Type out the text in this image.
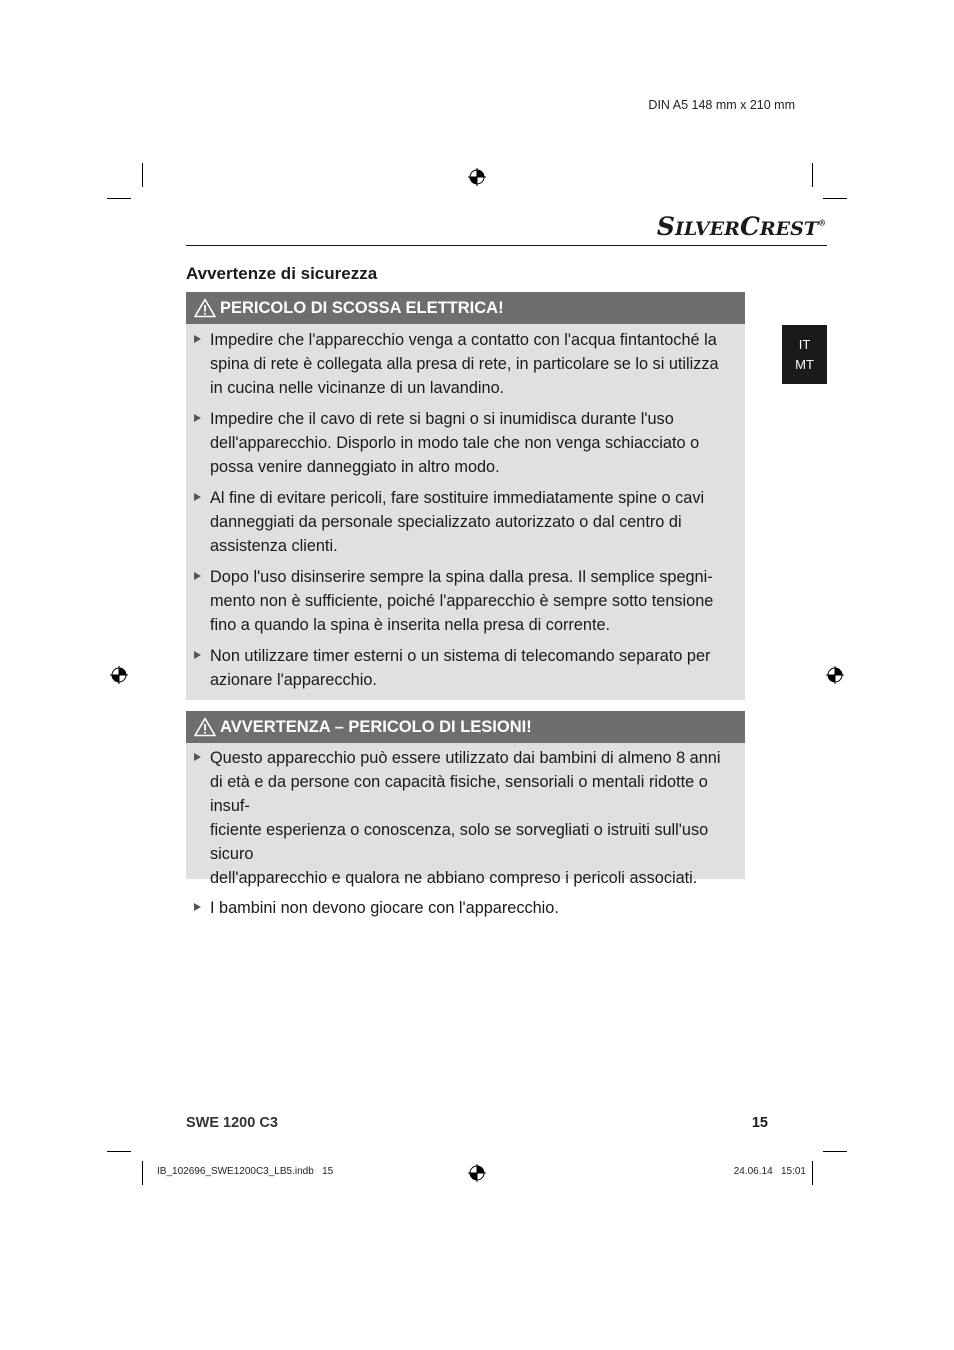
DIN A5 148 mm x 210 mm
SILVERCREST®
Avvertenze di sicurezza
IT
MT
PERICOLO DI SCOSSA ELETTRICA!
Impedire che l'apparecchio venga a contatto con l'acqua fintantoché la
spina di rete è collegata alla presa di rete, in particolare se lo si utilizza
in cucina nelle vicinanze di un lavandino.
Impedire che il cavo di rete si bagni o si inumidisca durante l'uso
dell'apparecchio. Disporlo in modo tale che non venga schiacciato o
possa venire danneggiato in altro modo.
Al fine di evitare pericoli, fare sostituire immediatamente spine o cavi
danneggiati da personale specializzato autorizzato o dal centro di
assistenza clienti.
Dopo l'uso disinserire sempre la spina dalla presa. Il semplice spegni-
mento non è sufficiente, poiché l'apparecchio è sempre sotto tensione
fino a quando la spina è inserita nella presa di corrente.
Non utilizzare timer esterni o un sistema di telecomando separato per
azionare l'apparecchio.
AVVERTENZA – PERICOLO DI LESIONI!
Questo apparecchio può essere utilizzato dai bambini di almeno 8 anni
di età e da persone con capacità fisiche, sensoriali o mentali ridotte o insuf-
ficiente esperienza o conoscenza, solo se sorvegliati o istruiti sull'uso sicuro
dell'apparecchio e qualora ne abbiano compreso i pericoli associati.
I bambini non devono giocare con l'apparecchio.
SWE 1200 C3	15
IB_102696_SWE1200C3_LB5.indb   15	24.06.14   15:01
